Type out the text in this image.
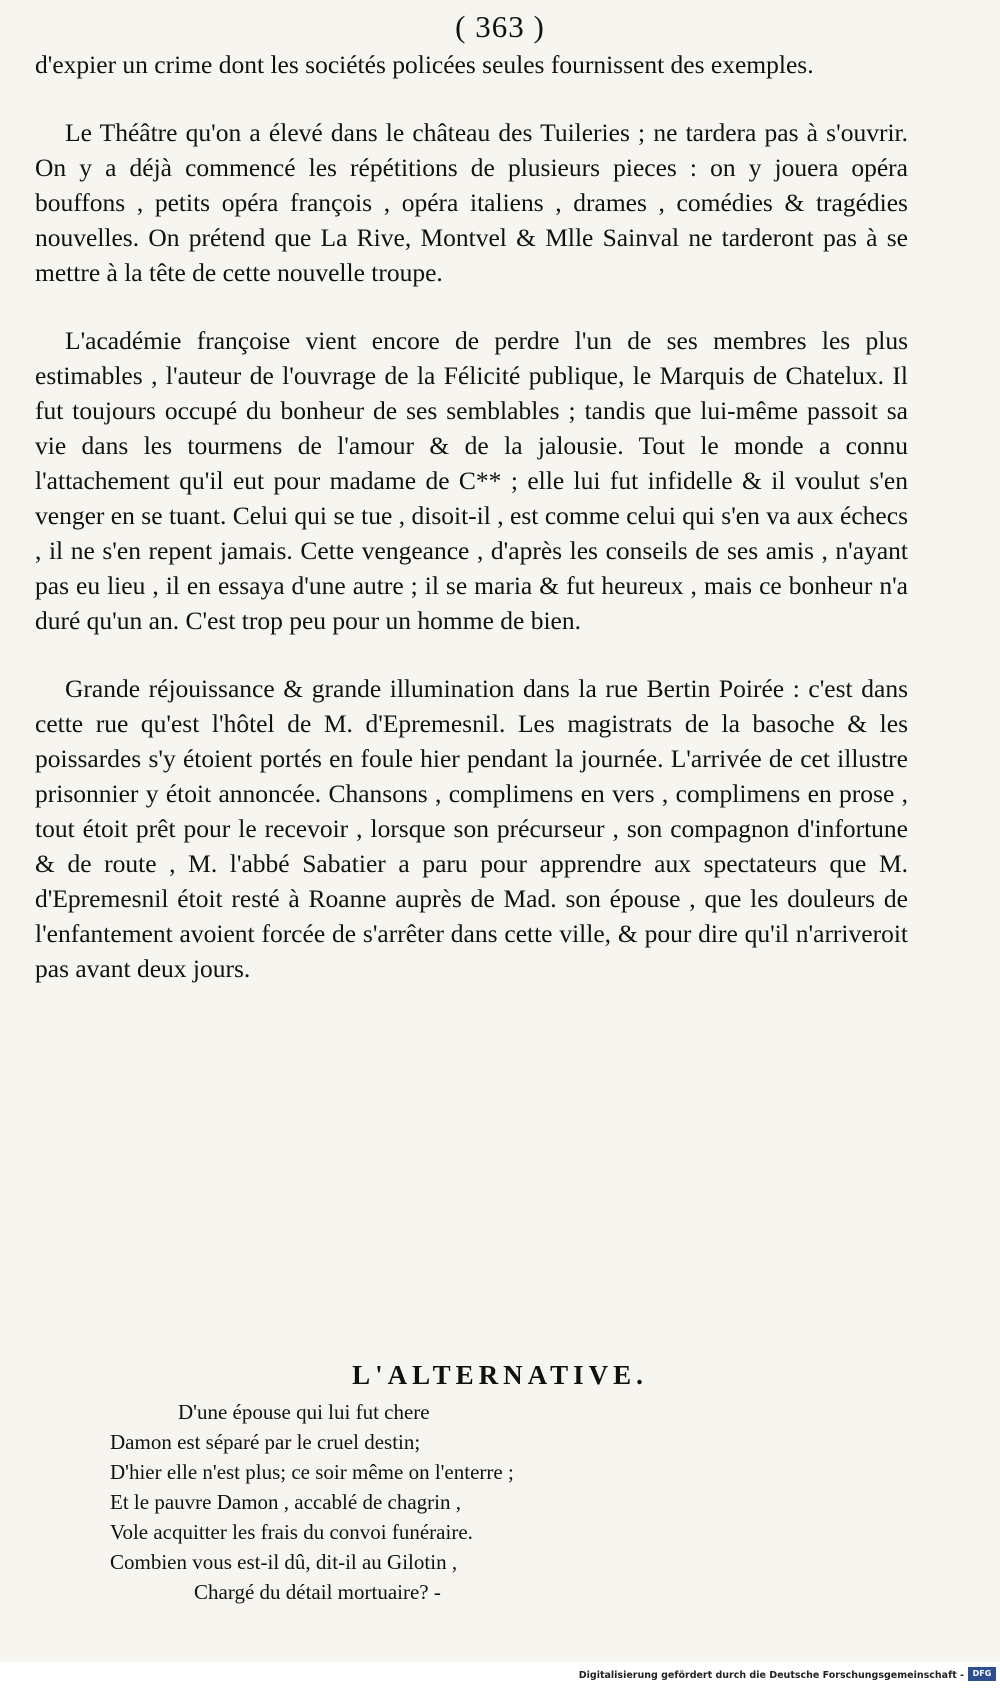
( 363 )

d'expier un crime dont les sociétés policées seules fournissent des exemples.

Le Théâtre qu'on a élevé dans le château des Tuileries ; ne tardera pas à s'ouvrir. On y a déjà commencé les répétitions de plusieurs pieces : on y jouera opéra bouffons , petits opéra françois , opéra italiens , drames , comédies & tragédies nouvelles. On prétend que La Rive, Montvel & Mlle Sainval ne tarderont pas à se mettre à la tête de cette nouvelle troupe.

L'académie françoise vient encore de perdre l'un de ses membres les plus estimables , l'auteur de l'ouvrage de la Félicité publique, le Marquis de Chatelux. Il fut toujours occupé du bonheur de ses semblables ; tandis que lui-même passoit sa vie dans les tourmens de l'amour & de la jalousie. Tout le monde a connu l'attachement qu'il eut pour madame de C** ; elle lui fut infidelle & il voulut s'en venger en se tuant. Celui qui se tue , disoit-il , est comme celui qui s'en va aux échecs , il ne s'en repent jamais. Cette vengeance , d'après les conseils de ses amis , n'ayant pas eu lieu , il en essaya d'une autre ; il se maria & fut heureux , mais ce bonheur n'a duré qu'un an. C'est trop peu pour un homme de bien.

Grande réjouissance & grande illumination dans la rue Bertin Poirée : c'est dans cette rue qu'est l'hôtel de M. d'Epremesnil. Les magistrats de la basoche & les poissardes s'y étoient portés en foule hier pendant la journée. L'arrivée de cet illustre prisonnier y étoit annoncée. Chansons , complimens en vers , complimens en prose , tout étoit prêt pour le recevoir , lorsque son précurseur , son compagnon d'infortune & de route , M. l'abbé Sabatier a paru pour apprendre aux spectateurs que M. d'Epremesnil étoit resté à Roanne auprès de Mad. son épouse , que les douleurs de l'enfantement avoient forcée de s'arrêter dans cette ville, & pour dire qu'il n'arriveroit pas avant deux jours.

L'ALTERNATIVE.
D'une épouse qui lui fut chere
Damon est séparé par le cruel destin;
D'hier elle n'est plus; ce soir même on l'enterre ;
Et le pauvre Damon , accablé de chagrin ,
Vole acquitter les frais du convoi funéraire.
Combien vous est-il dû, dit-il au Gilotin ,
Chargé du détail mortuaire? -
Digitalisierung gefördert durch die Deutsche Forschungsgemeinschaft -	DFG
